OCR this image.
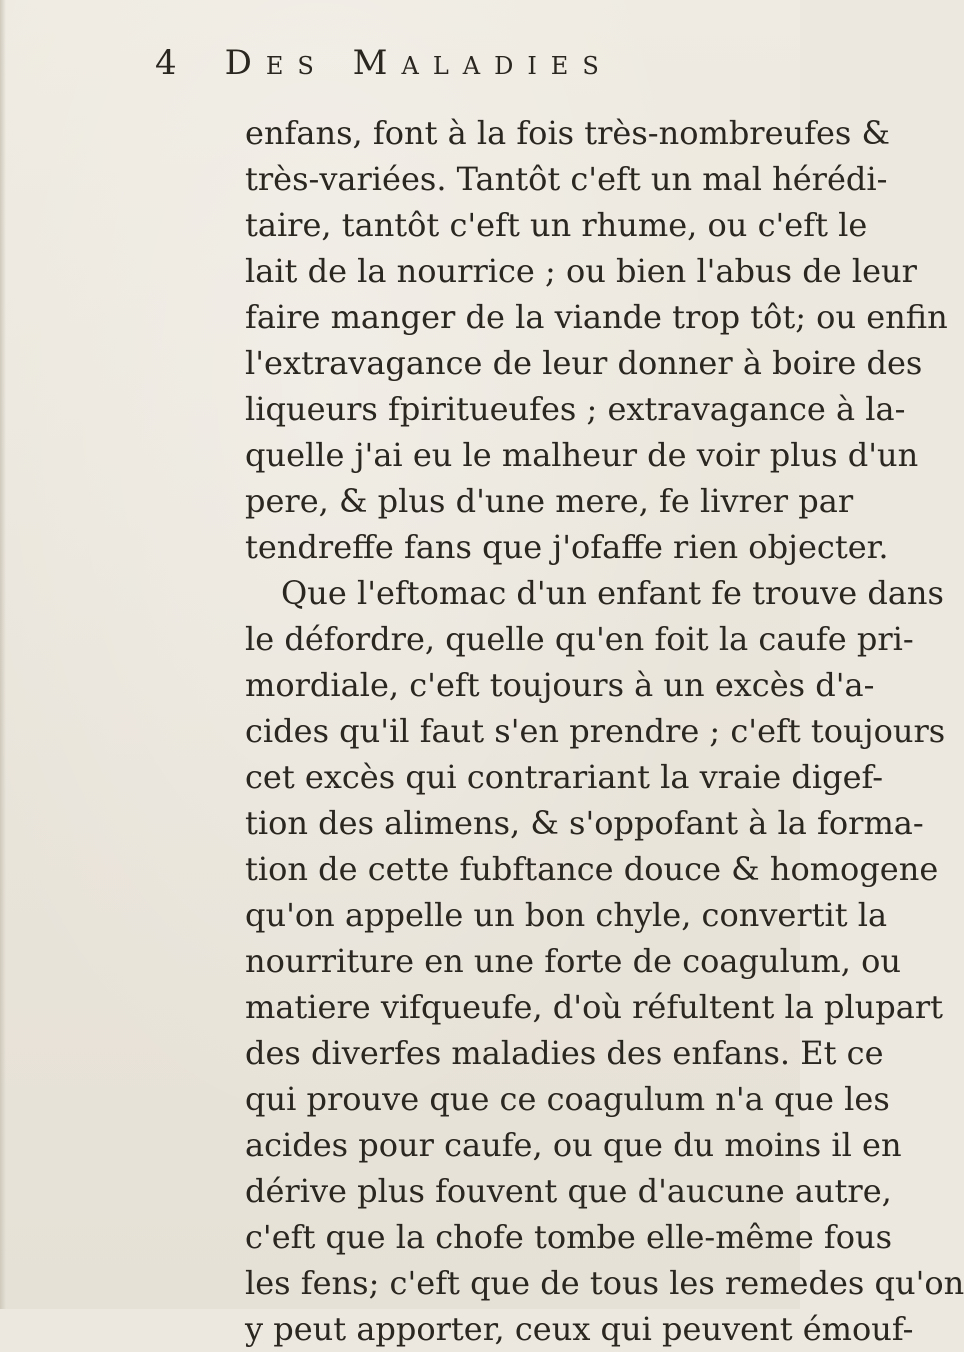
4 Des Maladies
enfans, font à la fois très-nombreufes &
très-variées. Tantôt c'eft un mal hérédi-
taire, tantôt c'eft un rhume, ou c'eft le
lait de la nourrice ; ou bien l'abus de leur
faire manger de la viande trop tôt; ou enfin
l'extravagance de leur donner à boire des
liqueurs fpiritueufes ; extravagance à la-
quelle j'ai eu le malheur de voir plus d'un
pere, & plus d'une mere, fe livrer par
tendreffe fans que j'ofaffe rien objecter.
Que l'eftomac d'un enfant fe trouve dans
le défordre, quelle qu'en foit la caufe pri-
mordiale, c'eft toujours à un excès d'a-
cides qu'il faut s'en prendre ; c'eft toujours
cet excès qui contrariant la vraie digef-
tion des alimens, & s'oppofant à la forma-
tion de cette fubftance douce & homogene
qu'on appelle un bon chyle, convertit la
nourriture en une forte de coagulum, ou
matiere vifqueufe, d'où réfultent la plupart
des diverfes maladies des enfans. Et ce
qui prouve que ce coagulum n'a que les
acides pour caufe, ou que du moins il en
dérive plus fouvent que d'aucune autre,
c'eft que la chofe tombe elle-même fous
les fens; c'eft que de tous les remedes qu'on
y peut apporter, ceux qui peuvent émouf-
